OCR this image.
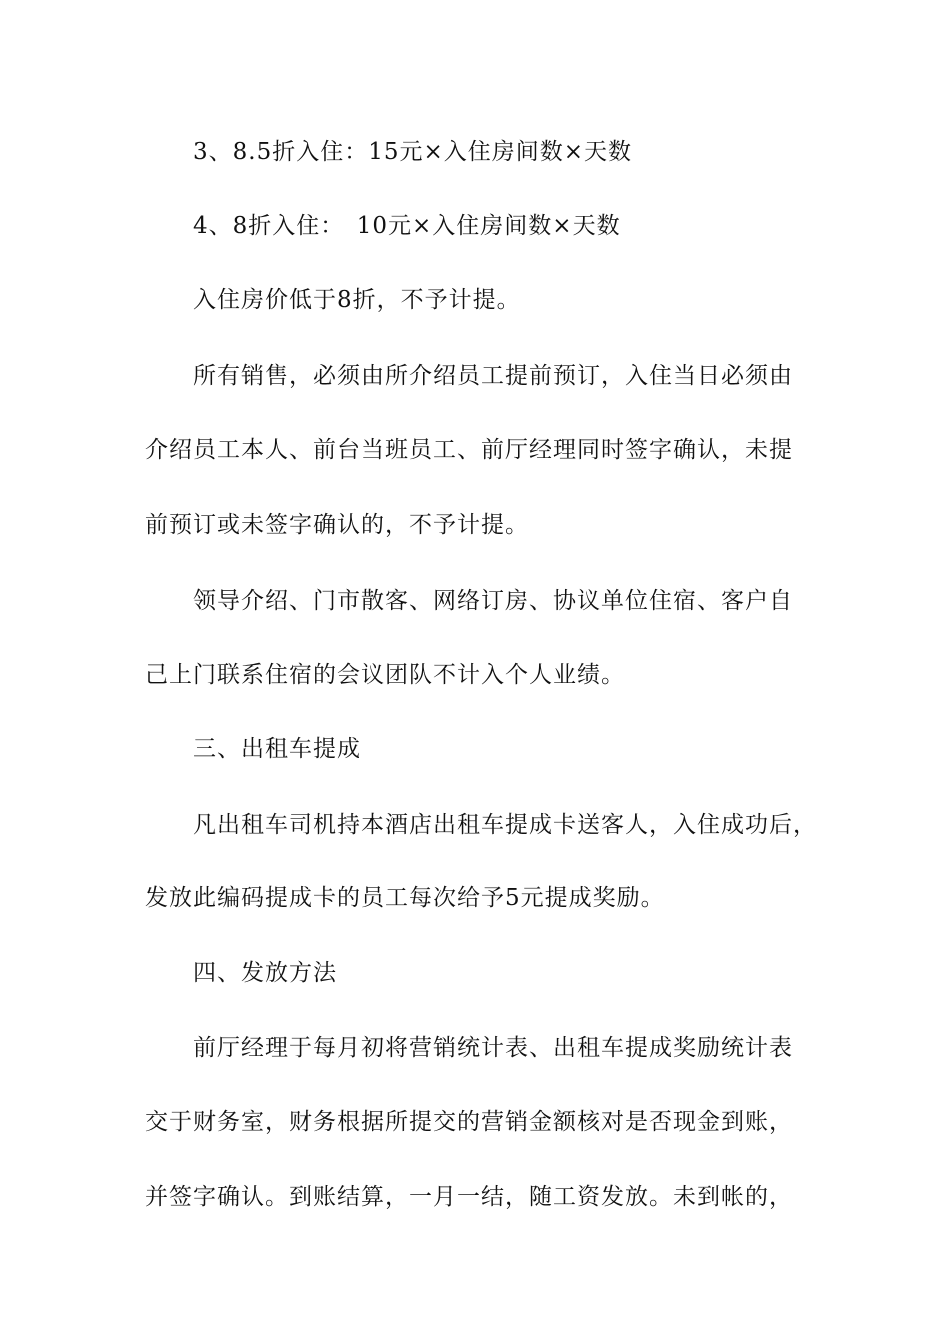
3、8.5折入住：15元×入住房间数×天数
4、8折入住：　10元×入住房间数×天数
入住房价低于8折，不予计提。
所有销售，必须由所介绍员工提前预订，入住当日必须由
介绍员工本人、前台当班员工、前厅经理同时签字确认，未提
前预订或未签字确认的，不予计提。
领导介绍、门市散客、网络订房、协议单位住宿、客户自
己上门联系住宿的会议团队不计入个人业绩。
三、出租车提成
凡出租车司机持本酒店出租车提成卡送客人，入住成功后，
发放此编码提成卡的员工每次给予5元提成奖励。
四、发放方法
前厅经理于每月初将营销统计表、出租车提成奖励统计表
交于财务室，财务根据所提交的营销金额核对是否现金到账，
并签字确认。到账结算，一月一结，随工资发放。未到帐的，
